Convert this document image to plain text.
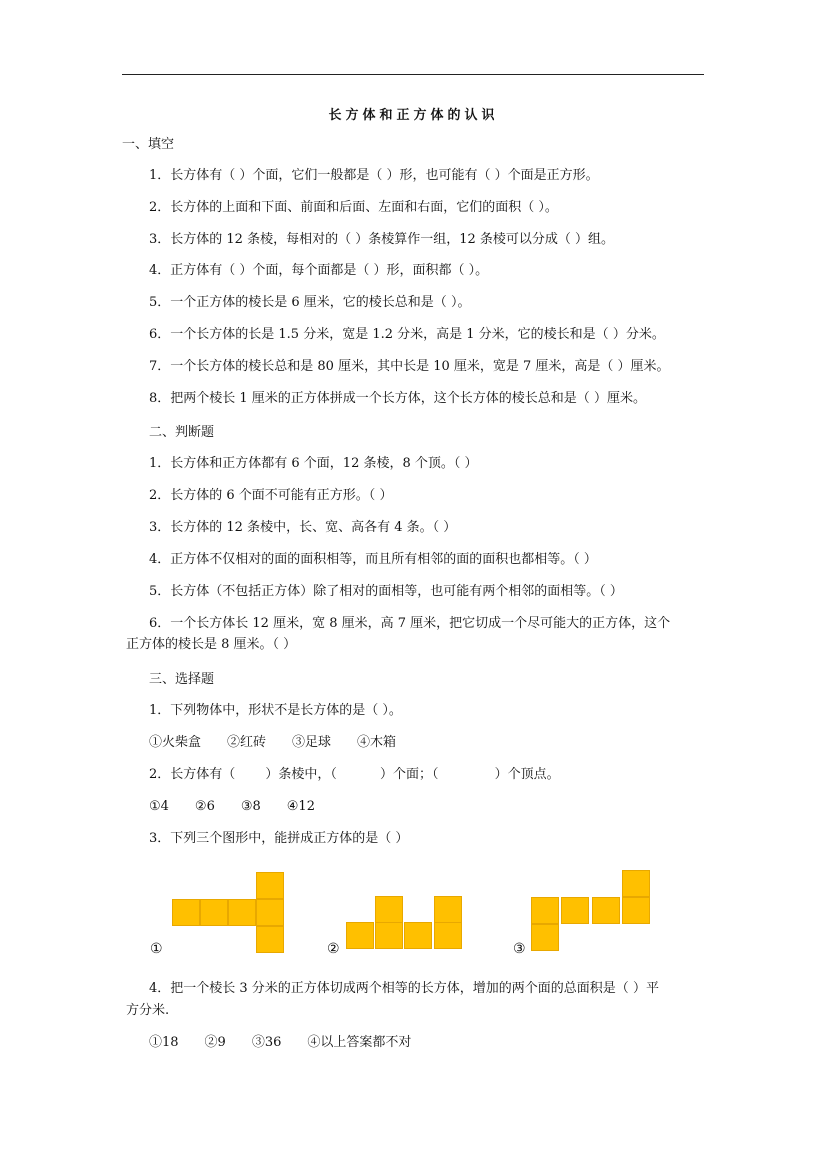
长方体和正方体的认识
一、填空
1．长方体有（ ）个面，它们一般都是（ ）形，也可能有（ ）个面是正方形。
2．长方体的上面和下面、前面和后面、左面和右面，它们的面积（ ）。
3．长方体的 12 条棱，每相对的（ ）条棱算作一组，12 条棱可以分成（ ）组。
4．正方体有（ ）个面，每个面都是（ ）形，面积都（ ）。
5．一个正方体的棱长是 6 厘米，它的棱长总和是（ ）。
6．一个长方体的长是 1.5 分米，宽是 1.2 分米，高是 1 分米，它的棱长和是（ ）分米。
7．一个长方体的棱长总和是 80 厘米，其中长是 10 厘米，宽是 7 厘米，高是（ ）厘米。
8．把两个棱长 1 厘米的正方体拼成一个长方体，这个长方体的棱长总和是（ ）厘米。
二、判断题
1．长方体和正方体都有 6 个面，12 条棱，8 个顶。（ ）
2．长方体的 6 个面不可能有正方形。（ ）
3．长方体的 12 条棱中，长、宽、高各有 4 条。（ ）
4．正方体不仅相对的面的面积相等，而且所有相邻的面的面积也都相等。（ ）
5．长方体（不包括正方体）除了相对的面相等，也可能有两个相邻的面相等。（ ）
6．一个长方体长 12 厘米，宽 8 厘米，高 7 厘米，把它切成一个尽可能大的正方体，这个
正方体的棱长是 8 厘米。（ ）
三、选择题
1．下列物体中，形状不是长方体的是（ ）。
①火柴盒　　②红砖　　③足球　　④木箱
2．长方体有（　　 ）条棱中，（　　　 ）个面；（　　　　 ）个顶点。
①4　　②6　　③8　　④12
3．下列三个图形中，能拼成正方体的是（ ）
①	②	③
4．把一个棱长 3 分米的正方体切成两个相等的长方体，增加的两个面的总面积是（ ）平
方分米.
①18　　②9　　③36　　④以上答案都不对
